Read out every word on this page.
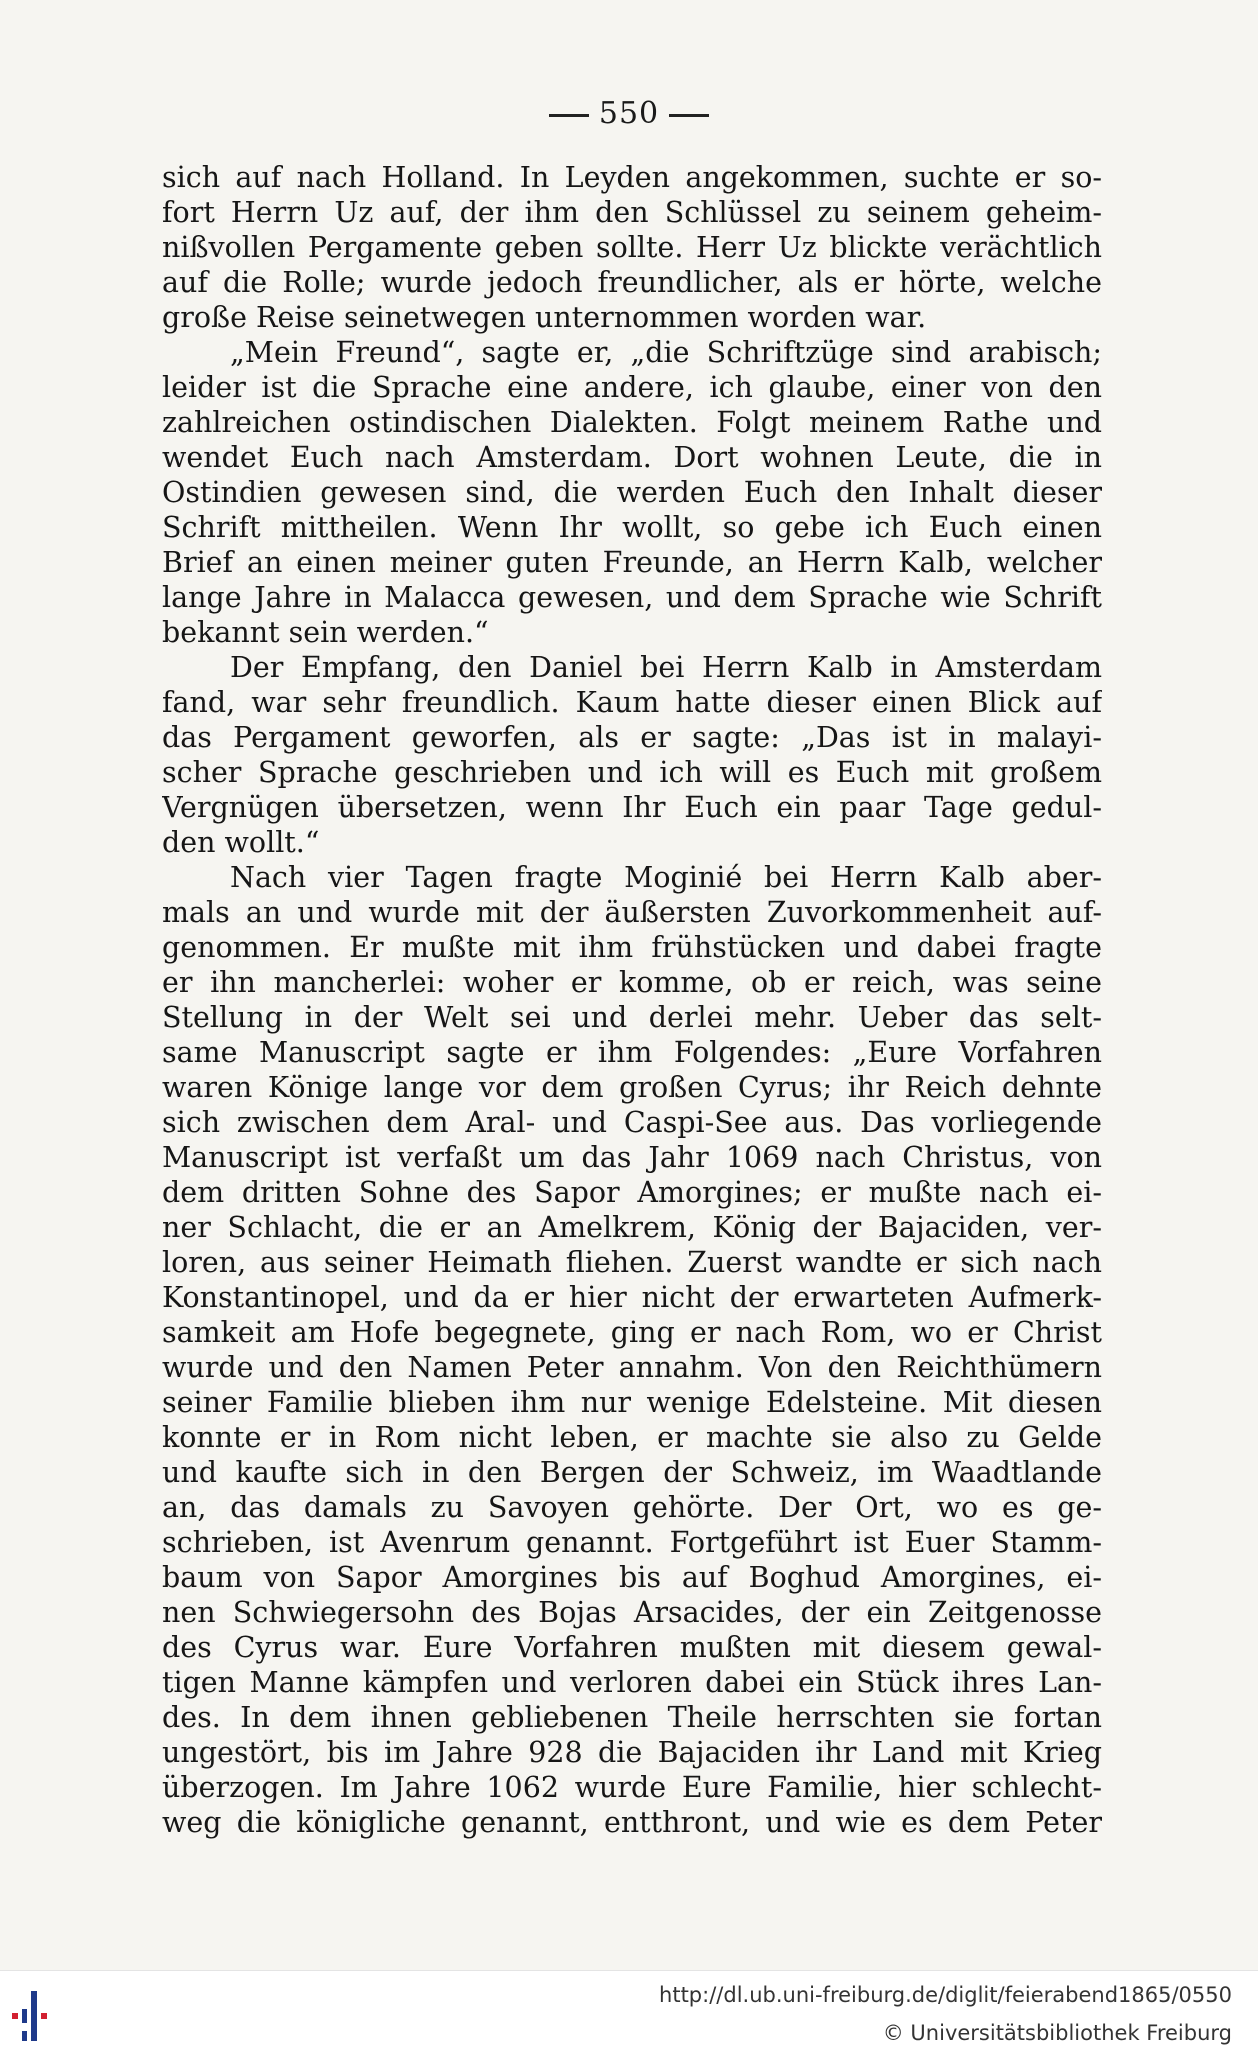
550
sich auf nach Holland. In Leyden angekommen, suchte er so-
fort Herrn Uz auf, der ihm den Schlüssel zu seinem geheim-
nißvollen Pergamente geben sollte. Herr Uz blickte verächtlich
auf die Rolle; wurde jedoch freundlicher, als er hörte, welche
große Reise seinetwegen unternommen worden war.
„Mein Freund“, sagte er, „die Schriftzüge sind arabisch;
leider ist die Sprache eine andere, ich glaube, einer von den
zahlreichen ostindischen Dialekten. Folgt meinem Rathe und
wendet Euch nach Amsterdam. Dort wohnen Leute, die in
Ostindien gewesen sind, die werden Euch den Inhalt dieser
Schrift mittheilen. Wenn Ihr wollt, so gebe ich Euch einen
Brief an einen meiner guten Freunde, an Herrn Kalb, welcher
lange Jahre in Malacca gewesen, und dem Sprache wie Schrift
bekannt sein werden.“
Der Empfang, den Daniel bei Herrn Kalb in Amsterdam
fand, war sehr freundlich. Kaum hatte dieser einen Blick auf
das Pergament geworfen, als er sagte: „Das ist in malayi-
scher Sprache geschrieben und ich will es Euch mit großem
Vergnügen übersetzen, wenn Ihr Euch ein paar Tage gedul-
den wollt.“
Nach vier Tagen fragte Moginié bei Herrn Kalb aber-
mals an und wurde mit der äußersten Zuvorkommenheit auf-
genommen. Er mußte mit ihm frühstücken und dabei fragte
er ihn mancherlei: woher er komme, ob er reich, was seine
Stellung in der Welt sei und derlei mehr. Ueber das selt-
same Manuscript sagte er ihm Folgendes: „Eure Vorfahren
waren Könige lange vor dem großen Cyrus; ihr Reich dehnte
sich zwischen dem Aral- und Caspi-See aus. Das vorliegende
Manuscript ist verfaßt um das Jahr 1069 nach Christus, von
dem dritten Sohne des Sapor Amorgines; er mußte nach ei-
ner Schlacht, die er an Amelkrem, König der Bajaciden, ver-
loren, aus seiner Heimath fliehen. Zuerst wandte er sich nach
Konstantinopel, und da er hier nicht der erwarteten Aufmerk-
samkeit am Hofe begegnete, ging er nach Rom, wo er Christ
wurde und den Namen Peter annahm. Von den Reichthümern
seiner Familie blieben ihm nur wenige Edelsteine. Mit diesen
konnte er in Rom nicht leben, er machte sie also zu Gelde
und kaufte sich in den Bergen der Schweiz, im Waadtlande
an, das damals zu Savoyen gehörte. Der Ort, wo es ge-
schrieben, ist Avenrum genannt. Fortgeführt ist Euer Stamm-
baum von Sapor Amorgines bis auf Boghud Amorgines, ei-
nen Schwiegersohn des Bojas Arsacides, der ein Zeitgenosse
des Cyrus war. Eure Vorfahren mußten mit diesem gewal-
tigen Manne kämpfen und verloren dabei ein Stück ihres Lan-
des. In dem ihnen gebliebenen Theile herrschten sie fortan
ungestört, bis im Jahre 928 die Bajaciden ihr Land mit Krieg
überzogen. Im Jahre 1062 wurde Eure Familie, hier schlecht-
weg die königliche genannt, entthront, und wie es dem Peter
http://dl.ub.uni-freiburg.de/diglit/feierabend1865/0550
© Universitätsbibliothek Freiburg
